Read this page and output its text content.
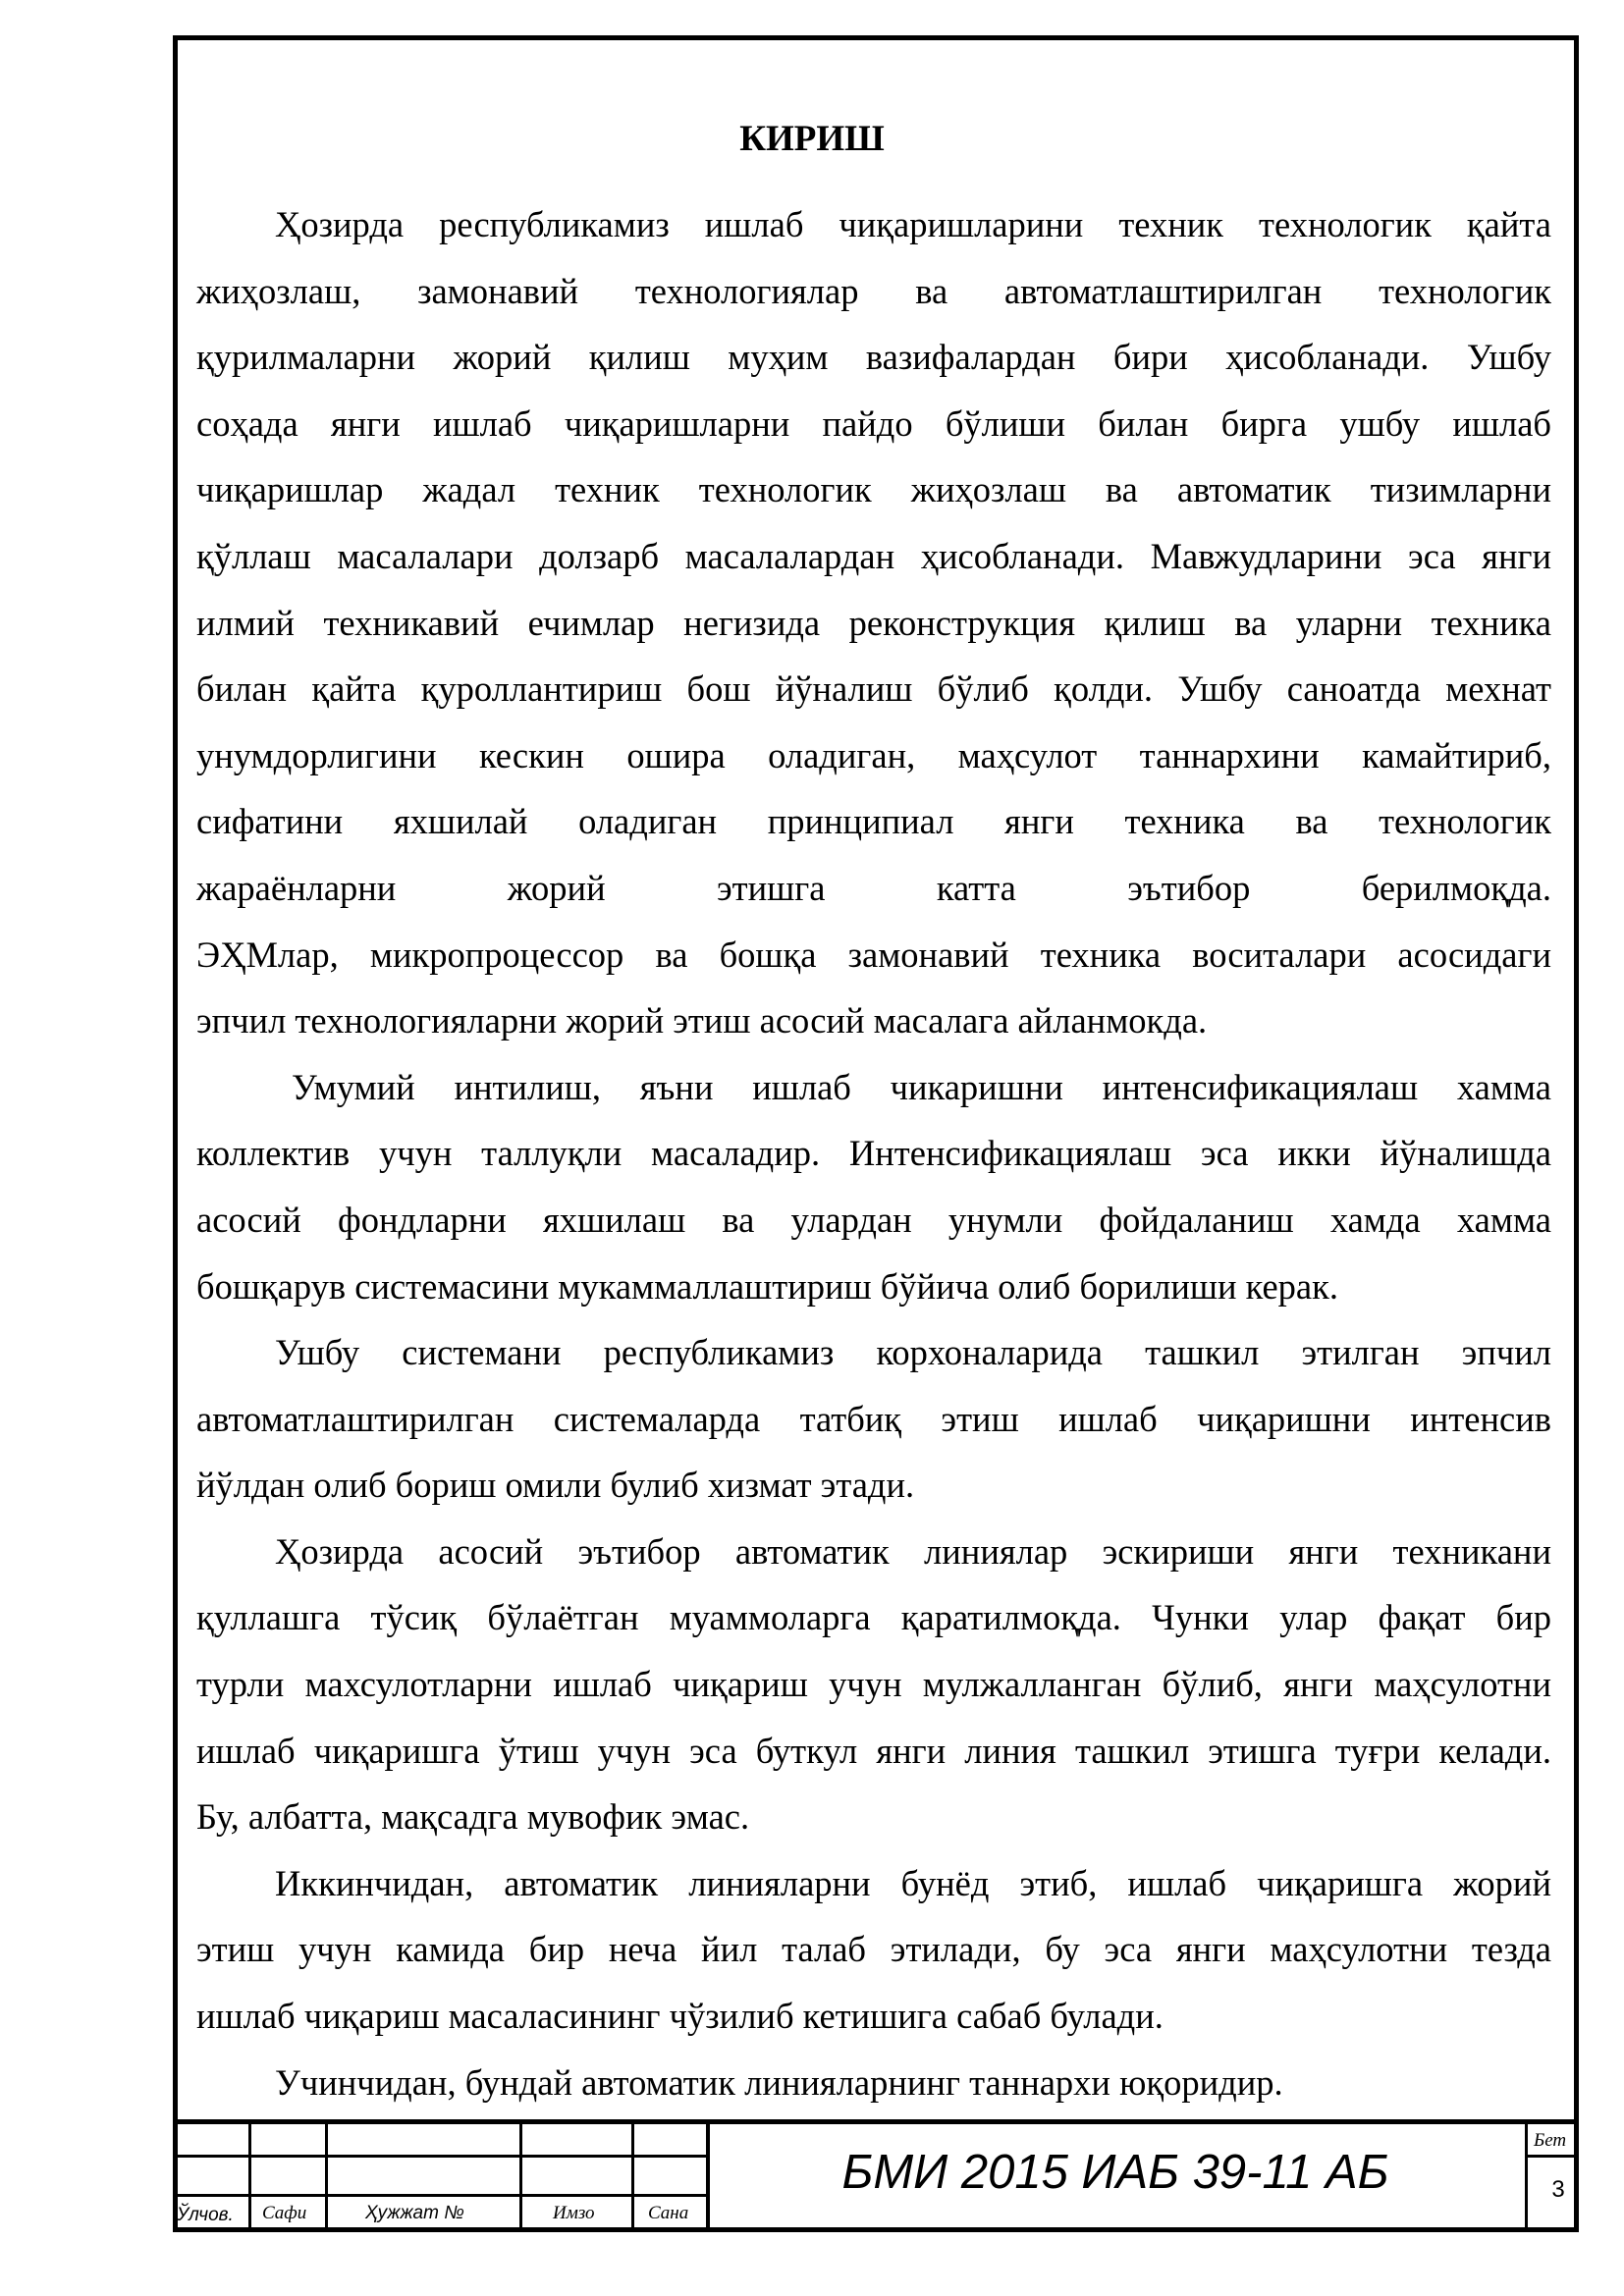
КИРИШ

Ҳозирда республикамиз ишлаб чиқаришларини техник технологик қайта
жиҳозлаш, замонавий технологиялар ва автоматлаштирилган технологик
қурилмаларни жорий қилиш муҳим вазифалардан бири ҳисобланади. Ушбу
соҳада янги ишлаб чиқаришларни пайдо бўлиши билан бирга ушбу ишлаб
чиқаришлар жадал техник технологик жиҳозлаш ва автоматик тизимларни
қўллаш масалалари долзарб масалалардан ҳисобланади. Мавжудларини эса янги
илмий техникавий ечимлар негизида реконструкция қилиш ва уларни техника
билан қайта қуроллантириш бош йўналиш бўлиб қолди. Ушбу саноатда мехнат
унумдорлигини кескин ошира оладиган, маҳсулот таннархини камайтириб,
сифатини яхшилай оладиган принципиал янги техника ва технологик
жараёнларни жорий этишга катта эътибор берилмоқда.
ЭҲМлар, микропроцессор ва бошқа замонавий техника воситалари асосидаги
эпчил технологияларни жорий этиш асосий масалага айланмокда.

Умумий интилиш, яъни ишлаб чикаришни интенсификациялаш хамма
коллектив учун таллуқли масаладир. Интенсификациялаш эса икки йўналишда
асосий фондларни яхшилаш ва улардан унумли фойдаланиш хамда хамма
бошқарув системасини мукаммаллаштириш бўйича олиб борилиши керак.

Ушбу системани республикамиз корхоналарида ташкил этилган эпчил
автоматлаштирилган системаларда татбиқ этиш ишлаб чиқаришни интенсив
йўлдан олиб бориш омили булиб хизмат этади.

Ҳозирда асосий эътибор автоматик линиялар эскириши янги техникани
қуллашга тўсиқ бўлаётган муаммоларга қаратилмоқда. Чунки улар фақат бир
турли махсулотларни ишлаб чиқариш учун мулжалланган бўлиб, янги маҳсулотни
ишлаб чиқаришга ўтиш учун эса буткул янги линия ташкил этишга туғри келади.
Бу, албатта, мақсадга мувофик эмас.

Иккинчидан, автоматик линияларни бунёд этиб, ишлаб чиқаришга жорий
этиш учун камида бир неча йил талаб этилади, бу эса янги маҳсулотни тезда
ишлаб чиқариш масаласининг чўзилиб кетишига сабаб булади.

Учинчидан, бундай автоматик линияларнинг таннархи юқоридир.

Ўлчов. Сафи	Ҳужжат №	Имзо	Сана
БМИ 2015 ИАБ 39-11 АБ
Бет
3
